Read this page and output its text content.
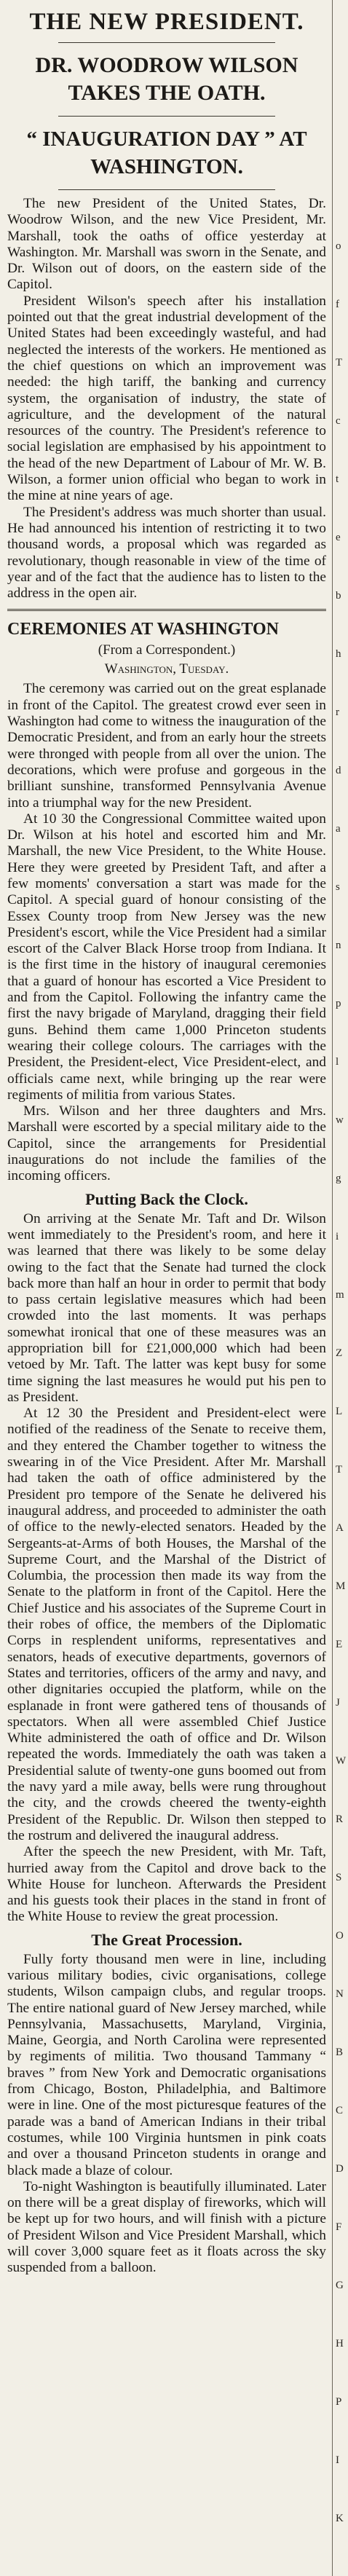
THE NEW PRESIDENT.
DR. WOODROW WILSON TAKES THE OATH.
“ INAUGURATION DAY ” AT WASHINGTON.

The new President of the United States, Dr. Woodrow Wilson, and the new Vice President, Mr. Marshall, took the oaths of office yesterday at Washington. Mr. Marshall was sworn in the Senate, and Dr. Wilson out of doors, on the eastern side of the Capitol.

President Wilson's speech after his installation pointed out that the great industrial development of the United States had been exceedingly wasteful, and had neglected the interests of the workers. He mentioned as the chief questions on which an improvement was needed: the high tariff, the banking and currency system, the organisation of industry, the state of agriculture, and the development of the natural resources of the country. The President's reference to social legislation are emphasised by his appointment to the head of the new Department of Labour of Mr. W. B. Wilson, a former union official who began to work in the mine at nine years of age.

The President's address was much shorter than usual. He had announced his intention of restricting it to two thousand words, a proposal which was regarded as revolutionary, though reasonable in view of the time of year and of the fact that the audience has to listen to the address in the open air.

CEREMONIES AT WASHINGTON
(From a Correspondent.)
Washington, Tuesday.

The ceremony was carried out on the great esplanade in front of the Capitol. The greatest crowd ever seen in Washington had come to witness the inauguration of the Democratic President, and from an early hour the streets were thronged with people from all over the union. The decorations, which were profuse and gorgeous in the brilliant sunshine, transformed Pennsylvania Avenue into a triumphal way for the new President.

At 10 30 the Congressional Committee waited upon Dr. Wilson at his hotel and escorted him and Mr. Marshall, the new Vice President, to the White House. Here they were greeted by President Taft, and after a few moments' conversation a start was made for the Capitol. A special guard of honour consisting of the Essex County troop from New Jersey was the new President's escort, while the Vice President had a similar escort of the Calver Black Horse troop from Indiana. It is the first time in the history of inaugural ceremonies that a guard of honour has escorted a Vice President to and from the Capitol. Following the infantry came the first the navy brigade of Maryland, dragging their field guns. Behind them came 1,000 Princeton students wearing their college colours. The carriages with the President, the President-elect, Vice President-elect, and officials came next, while bringing up the rear were regiments of militia from various States.

Mrs. Wilson and her three daughters and Mrs. Marshall were escorted by a special military aide to the Capitol, since the arrangements for Presidential inaugurations do not include the families of the incoming officers.

Putting Back the Clock.

On arriving at the Senate Mr. Taft and Dr. Wilson went immediately to the President's room, and here it was learned that there was likely to be some delay owing to the fact that the Senate had turned the clock back more than half an hour in order to permit that body to pass certain legislative measures which had been crowded into the last moments. It was perhaps somewhat ironical that one of these measures was an appropriation bill for £21,000,000 which had been vetoed by Mr. Taft. The latter was kept busy for some time signing the last measures he would put his pen to as President.

At 12 30 the President and President-elect were notified of the readiness of the Senate to receive them, and they entered the Chamber together to witness the swearing in of the Vice President. After Mr. Marshall had taken the oath of office administered by the President pro tempore of the Senate he delivered his inaugural address, and proceeded to administer the oath of office to the newly-elected senators. Headed by the Sergeants-at-Arms of both Houses, the Marshal of the Supreme Court, and the Marshal of the District of Columbia, the procession then made its way from the Senate to the platform in front of the Capitol. Here the Chief Justice and his associates of the Supreme Court in their robes of office, the members of the Diplomatic Corps in resplendent uniforms, representatives and senators, heads of executive departments, governors of States and territories, officers of the army and navy, and other dignitaries occupied the platform, while on the esplanade in front were gathered tens of thousands of spectators. When all were assembled Chief Justice White administered the oath of office and Dr. Wilson repeated the words. Immediately the oath was taken a Presidential salute of twenty-one guns boomed out from the navy yard a mile away, bells were rung throughout the city, and the crowds cheered the twenty-eighth President of the Republic. Dr. Wilson then stepped to the rostrum and delivered the inaugural address.

After the speech the new President, with Mr. Taft, hurried away from the Capitol and drove back to the White House for luncheon. Afterwards the President and his guests took their places in the stand in front of the White House to review the great procession.

The Great Procession.

Fully forty thousand men were in line, including various military bodies, civic organisations, college students, Wilson campaign clubs, and regular troops. The entire national guard of New Jersey marched, while Pennsylvania, Massachusetts, Maryland, Virginia, Maine, Georgia, and North Carolina were represented by regiments of militia. Two thousand Tammany “ braves ” from New York and Democratic organisations from Chicago, Boston, Philadelphia, and Baltimore were in line. One of the most picturesque features of the parade was a band of American Indians in their tribal costumes, while 100 Virginia huntsmen in pink coats and over a thousand Princeton students in orange and black made a blaze of colour.

To-night Washington is beautifully illuminated. Later on there will be a great display of fireworks, which will be kept up for two hours, and will finish with a picture of President Wilson and Vice President Marshall, which will cover 3,000 square feet as it floats across the sky suspended from a balloon.

o
f
T
c
t
e
b
h
r
d
a
s
n
p
l
w
g
i
m
Z
L
T
A
M
E
J
W
R
S
O
N
B
C
D
F
G
H
P
I
K
